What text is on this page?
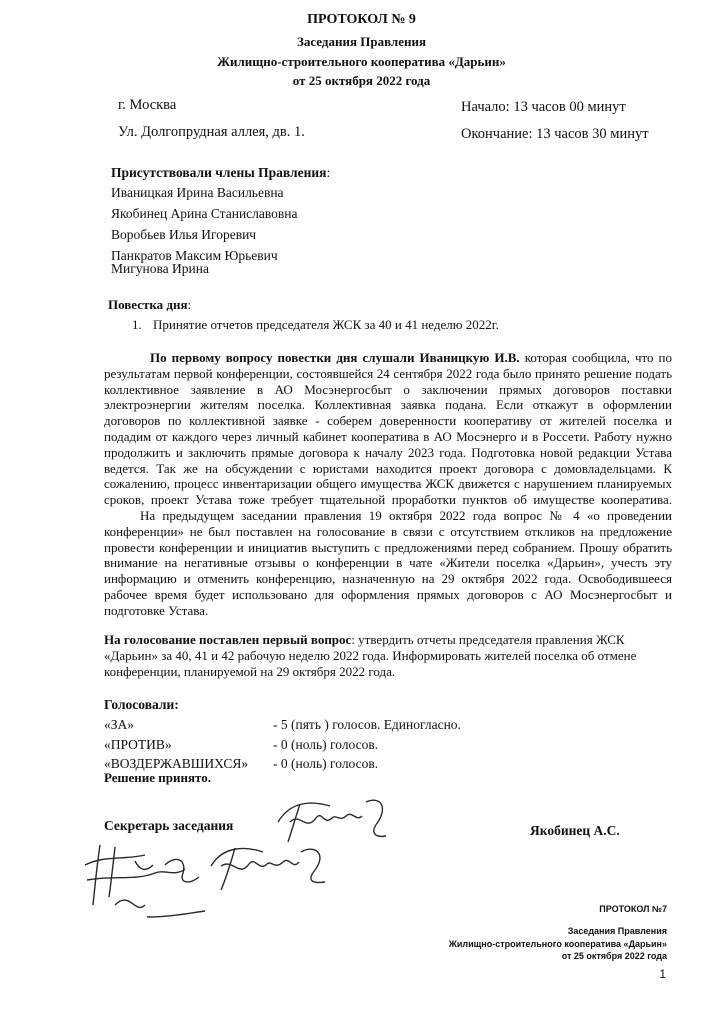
ПРОТОКОЛ № 9
Заседания Правления
Жилищно-строительного кооператива «Дарьин»
от 25 октября 2022 года
г. Москва	Начало: 13 часов 00 минут
Ул. Долгопрудная аллея, дв. 1.	Окончание: 13 часов 30 минут
Присутствовали члены Правления:
Иваницкая Ирина Васильевна
Якобинец Арина Станиславовна
Воробьев Илья Игоревич
Панкратов Максим Юрьевич
Мигунова Ирина
Повестка дня:
1. Принятие отчетов председателя ЖСК за 40 и 41 неделю 2022г.

По первому вопросу повестки дня слушали Иваницкую И.В. которая сообщила, что по результатам первой конференции, состоявшейся 24 сентября 2022 года было принято решение подать коллективное заявление в АО Мосэнергосбыт о заключении прямых договоров поставки электроэнергии жителям поселка. Коллективная заявка подана. Если откажут в оформлении договоров по коллективной заявке - соберем доверенности кооперативу от жителей поселка и подадим от каждого через личный кабинет кооператива в АО Мосэнерго и в Россети. Работу нужно продолжить и заключить прямые договора к началу 2023 года. Подготовка новой редакции Устава ведется. Так же на обсуждении с юристами находится проект договора с домовладельцами. К сожалению, процесс инвентаризации общего имущества ЖСК движется с нарушением планируемых сроков, проект Устава тоже требует тщательной проработки пунктов об имуществе кооператива.На предыдущем заседании правления 19 октября 2022 года вопрос № 4 «о проведении конференции» не был поставлен на голосование в связи с отсутствием откликов на предложение провести конференции и инициатив выступить с предложениями перед собранием. Прошу обратить внимание на негативные отзывы о конференции в чате «Жители поселка «Дарьин», учесть эту информацию и отменить конференцию, назначенную на 29 октября 2022 года. Освободившееся рабочее время будет использовано для оформления прямых договоров с АО Мосэнергосбыт и подготовке Устава.

На голосование поставлен первый вопрос: утвердить отчеты председателя правления ЖСК «Дарьин» за 40, 41 и 42 рабочую неделю 2022 года. Информировать жителей поселка об отмене конференции, планируемой на 29 октября 2022 года.

Голосовали:
«ЗА»	- 5 (пять ) голосов. Единогласно.
«ПРОТИВ»	- 0 (ноль) голосов.
«ВОЗДЕРЖАВШИХСЯ» - 0 (ноль) голосов.
Решение принято.
Секретарь заседания	Якобинец А.С.
ПРОТОКОЛ №7
Заседания Правления
Жилищно-строительного кооператива «Дарьин»
от 25 октября 2022 года
1
